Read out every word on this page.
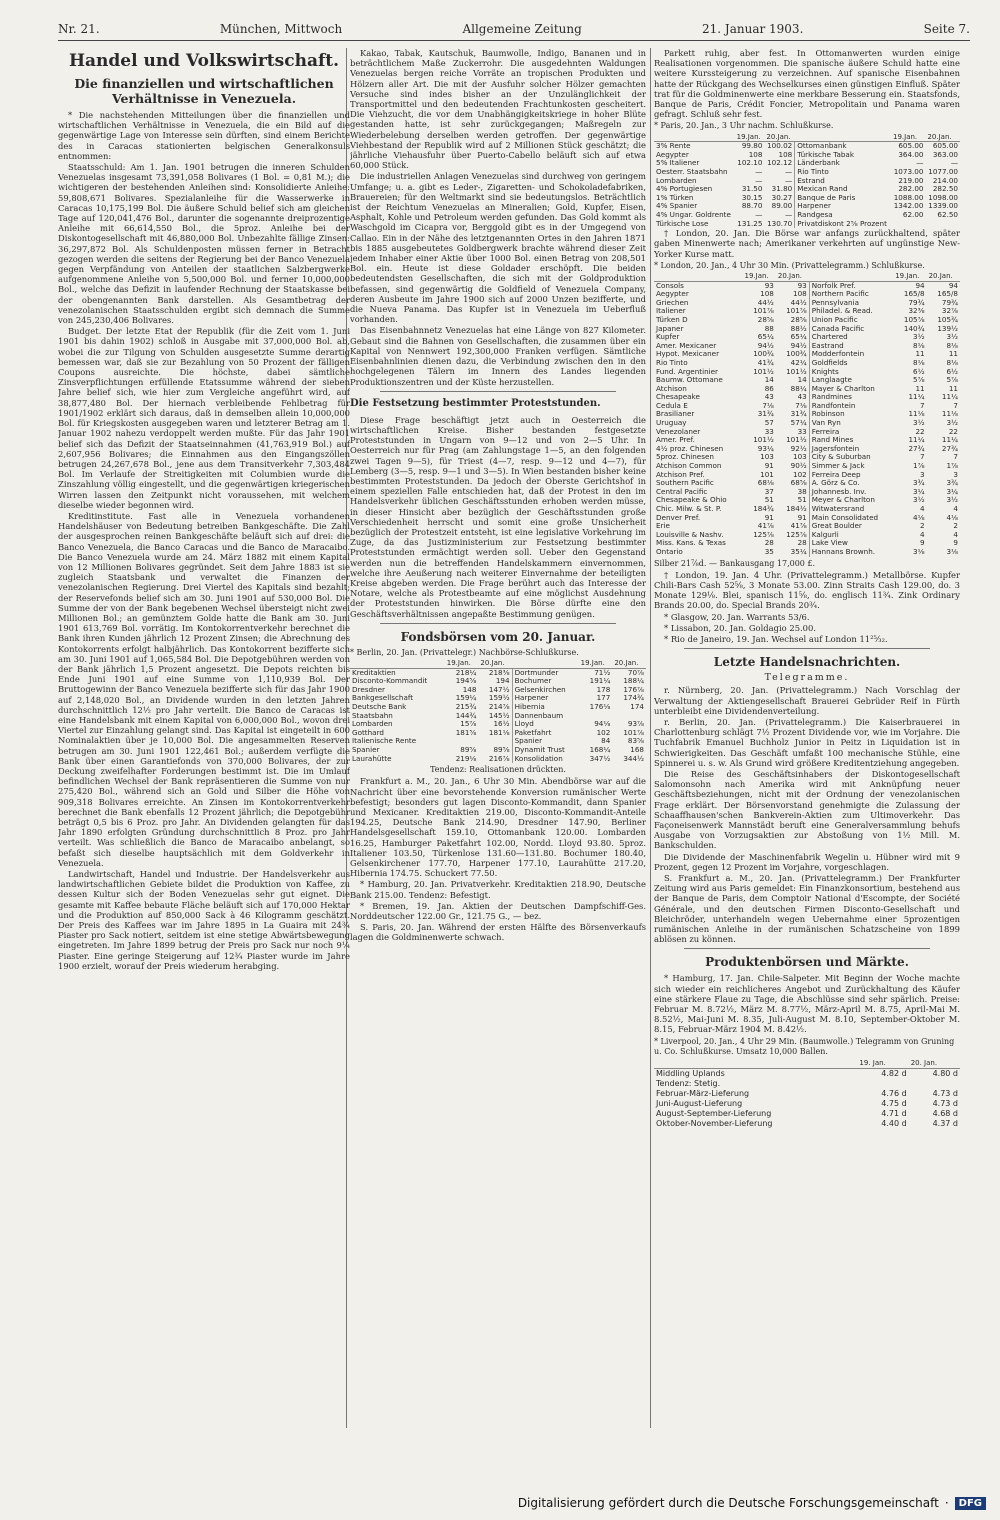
Nr. 21.	München, Mittwoch	Allgemeine Zeitung	21. Januar 1903.	Seite 7.
Handel und Volkswirtschaft.
Die finanziellen und wirtschaftlichen Verhältnisse in Venezuela.

* Die nachstehenden Mitteilungen über die finanziellen und wirtschaftlichen Verhältnisse in Venezuela, die ein Bild auf die gegenwärtige Lage von Interesse sein dürften, sind einem Berichte des in Caracas stationierten belgischen Generalkonsuls entnommen:

Staatsschuld: Am 1. Jan. 1901 betrugen die inneren Schulden Venezuelas insgesamt 73,391,058 Bolivares (1 Bol. = 0,81 M.); die wichtigeren der bestehenden Anleihen sind: Konsolidierte Anleihe: 59,808,671 Bolivares. Spezialanleihe für die Wasserwerke in Caracas 10,175,199 Bol. Die äußere Schuld belief sich am gleichen Tage auf 120,041,476 Bol., darunter die sogenannte dreiprozentige Anleihe mit 66,614,550 Bol., die 5proz. Anleihe bei der Diskontogesellschaft mit 46,880,000 Bol. Unbezahlte fällige Zinsen: 36,297,872 Bol. Als Schuldenposten müssen ferner in Betracht gezogen werden die seitens der Regierung bei der Banco Venezuela gegen Verpfändung von Anteilen der staatlichen Salzbergwerke aufgenommene Anleihe von 5,500,000 Bol. und ferner 10,000,000 Bol., welche das Defizit in laufender Rechnung der Staatskasse bei der obengenannten Bank darstellen. Als Gesamtbetrag der venezolanischen Staatsschulden ergibt sich demnach die Summe von 245,230,406 Bolivares.

Budget. Der letzte Etat der Republik (für die Zeit vom 1. Juni 1901 bis dahin 1902) schloß in Ausgabe mit 37,000,000 Bol. ab, wobei die zur Tilgung von Schulden ausgesetzte Summe derartig bemessen war, daß sie zur Bezahlung von 50 Prozent der fälligen Coupons ausreichte. Die höchste, dabei sämtliche Zinsverpflichtungen erfüllende Etatssumme während der sieben Jahre belief sich, wie hier zum Vergleiche angeführt wird, auf 38,877,480 Bol. Der hiernach verbleibende Fehlbetrag für 1901/1902 erklärt sich daraus, daß in demselben allein 10,000,000 Bol. für Kriegskosten ausgegeben waren und letzterer Betrag am 1. Januar 1902 nahezu verdoppelt werden mußte. Für das Jahr 1901 belief sich das Defizit der Staatseinnahmen (41,763,919 Bol.) auf 2,607,956 Bolivares; die Einnahmen aus den Eingangszöllen betrugen 24,267,678 Bol., jene aus dem Transitverkehr 7,303,484 Bol. Im Verlaufe der Streitigkeiten mit Columbien wurde die Zinszahlung völlig eingestellt, und die gegenwärtigen kriegerischen Wirren lassen den Zeitpunkt nicht voraussehen, mit welchem dieselbe wieder begonnen wird.

Kreditinstitute. Fast alle in Venezuela vorhandenen Handelshäuser von Bedeutung betreiben Bankgeschäfte. Die Zahl der ausgesprochen reinen Bankgeschäfte beläuft sich auf drei: die Banco Venezuela, die Banco Caracas und die Banco de Maracaibo. Die Banco Venezuela wurde am 24. März 1882 mit einem Kapital von 12 Millionen Bolivares gegründet. Seit dem Jahre 1883 ist sie zugleich Staatsbank und verwaltet die Finanzen der venezolanischen Regierung. Drei Viertel des Kapitals sind bezahlt; der Reservefonds belief sich am 30. Juni 1901 auf 530,000 Bol. Die Summe der von der Bank begebenen Wechsel übersteigt nicht zwei Millionen Bol.; an gemünztem Golde hatte die Bank am 30. Juni 1901 613,769 Bol. vorrätig. Im Kontokorrentverkehr berechnet die Bank ihren Kunden jährlich 12 Prozent Zinsen; die Abrechnung des Kontokorrents erfolgt halbjährlich. Das Kontokorrent bezifferte sich am 30. Juni 1901 auf 1,065,584 Bol. Die Depotgebühren werden von der Bank jährlich 1,5 Prozent angesetzt. Die Depots reichten bis Ende Juni 1901 auf eine Summe von 1,110,939 Bol. Der Bruttogewinn der Banco Venezuela bezifferte sich für das Jahr 1900 auf 2,148,020 Bol., an Dividende wurden in den letzten Jahren durchschnittlich 12½ pro Jahr verteilt. Die Banco de Caracas ist eine Handelsbank mit einem Kapital von 6,000,000 Bol., wovon drei Viertel zur Einzahlung gelangt sind. Das Kapital ist eingeteilt in 600 Nominalaktien über je 10,000 Bol. Die angesammelten Reserven betrugen am 30. Juni 1901 122,461 Bol.; außerdem verfügte die Bank über einen Garantiefonds von 370,000 Bolivares, der zur Deckung zweifelhafter Forderungen bestimmt ist. Die im Umlauf befindlichen Wechsel der Bank repräsentieren die Summe von nur 275,420 Bol., während sich an Gold und Silber die Höhe von 909,318 Bolivares erreichte. An Zinsen im Kontokorrentverkehr berechnet die Bank ebenfalls 12 Prozent jährlich; die Depotgebühr beträgt 0,5 bis 6 Proz. pro Jahr. An Dividenden gelangten für das Jahr 1890 erfolgten Gründung durchschnittlich 8 Proz. pro Jahr verteilt. Was schließlich die Banco de Maracaibo anbelangt, so befaßt sich dieselbe hauptsächlich mit dem Goldverkehr in Venezuela.

Landwirtschaft, Handel und Industrie. Der Handelsverkehr aus landwirtschaftlichen Gebiete bildet die Produktion von Kaffee, zu dessen Kultur sich der Boden Venezuelas sehr gut eignet. Die gesamte mit Kaffee bebaute Fläche beläuft sich auf 170,000 Hektar und die Produktion auf 850,000 Sack à 46 Kilogramm geschätzt. Der Preis des Kaffees war im Jahre 1895 in La Guaira mit 24¾ Piaster pro Sack notiert, seitdem ist eine stetige Abwärtsbewegung eingetreten. Im Jahre 1899 betrug der Preis pro Sack nur noch 9¼ Piaster. Eine geringe Steigerung auf 12¾ Piaster wurde im Jahre 1900 erzielt, worauf der Preis wiederum herabging.

Kakao, Tabak, Kautschuk, Baumwolle, Indigo, Bananen und in beträchtlichem Maße Zuckerrohr. Die ausgedehnten Waldungen Venezuelas bergen reiche Vorräte an tropischen Produkten und Hölzern aller Art. Die mit der Ausfuhr solcher Hölzer gemachten Versuche sind indes bisher an der Unzulänglichkeit der Transportmittel und den bedeutenden Frachtunkosten gescheitert. Die Viehzucht, die vor dem Unabhängigkeitskriege in hoher Blüte gestanden hatte, ist sehr zurückgegangen; Maßregeln zur Wiederbelebung derselben werden getroffen. Der gegenwärtige Viehbestand der Republik wird auf 2 Millionen Stück geschätzt; die jährliche Viehausfuhr über Puerto-Cabello beläuft sich auf etwa 60,000 Stück.

Die industriellen Anlagen Venezuelas sind durchweg von geringem Umfange; u. a. gibt es Leder-, Zigaretten- und Schokoladefabriken, Brauereien; für den Weltmarkt sind sie bedeutungslos. Beträchtlich ist der Reichtum Venezuelas an Mineralien; Gold, Kupfer, Eisen, Asphalt, Kohle und Petroleum werden gefunden. Das Gold kommt als Waschgold im Cicapra vor, Berggold gibt es in der Umgegend von Callao. Ein in der Nähe des letztgenannten Ortes in den Jahren 1871 bis 1885 ausgebeutetes Goldbergwerk brachte während dieser Zeit jedem Inhaber einer Aktie über 1000 Bol. einen Betrag von 208,501 Bol. ein. Heute ist diese Goldader erschöpft. Die beiden bedeutendsten Gesellschaften, die sich mit der Goldproduktion befassen, sind gegenwärtig die Goldfield of Venezuela Company, deren Ausbeute im Jahre 1900 sich auf 2000 Unzen bezifferte, und die Nueva Panama. Das Kupfer ist in Venezuela im Ueberfluß vorhanden.

Das Eisenbahnnetz Venezuelas hat eine Länge von 827 Kilometer. Gebaut sind die Bahnen von Gesellschaften, die zusammen über ein Kapital von Nennwert 192,300,000 Franken verfügen. Sämtliche Eisenbahnlinien dienen dazu, die Verbindung zwischen den in den hochgelegenen Tälern im Innern des Landes liegenden Produktionszentren und der Küste herzustellen.

Die Festsetzung bestimmter Proteststunden.

Diese Frage beschäftigt jetzt auch in Oesterreich die wirtschaftlichen Kreise. Bisher bestanden festgesetzte Proteststunden in Ungarn von 9—12 und von 2—5 Uhr. In Oesterreich nur für Prag (am Zahlungstage 1—5, an den folgenden zwei Tagen 9—5), für Triest (4—7, resp. 9—12 und 4—7), für Lemberg (3—5, resp. 9—1 und 3—5). In Wien bestanden bisher keine bestimmten Proteststunden. Da jedoch der Oberste Gerichtshof in einem speziellen Falle entschieden hat, daß der Protest in den im Handelsverkehr üblichen Geschäftsstunden erhoben werden müsse, in dieser Hinsicht aber bezüglich der Geschäftsstunden große Verschiedenheit herrscht und somit eine große Unsicherheit bezüglich der Protestzeit entsteht, ist eine legislative Vorkehrung im Zuge, da das Justizministerium zur Festsetzung bestimmter Proteststunden ermächtigt werden soll. Ueber den Gegenstand werden nun die betreffenden Handelskammern einvernommen, welche ihre Aeußerung nach weiterer Einvernahme der beteiligten Kreise abgeben werden. Die Frage berührt auch das Interesse der Notare, welche als Protestbeamte auf eine möglichst Ausdehnung der Proteststunden hinwirken. Die Börse dürfte eine den Geschäftsverhältnissen angepaßte Bestimmung genügen.

Fondsbörsen vom 20. Januar.
* Berlin, 20. Jan. (Privattelegr.) Nachbörse-Schlußkurse.
	19.Jan.	20.Jan.		19.Jan.	20.Jan.
Kreditaktien	218¼	218⅜	Dortmunder	71½	70⅞
Disconto-Kommandit	194⅝	194	Bochumer	191¼	188¼
Dresdner	148	147½	Gelsenkirchen	178	176⅞
Bankgesellschaft	159¼	159½	Harpener	177	174¾
Deutsche Bank	215¾	214⅞	Hibernia	176⅛	174
Staatsbahn	144¾	145½	Dannenbaum		
Lombarden	15⅞	16½	Lloyd	94⅛	93⅞
Gotthard	181⅝	181⅛	Paketfahrt	102	101⅞
Italienische Rente			Spanier	84	83⅝
Spanier	89⅝	89⅝	Dynamit Trust	168¼	168
Laurahütte	219⅛	216⅞	Konsolidation	347½	344½
Tendenz: Realisationen drückten.

Frankfurt a. M., 20. Jan., 6 Uhr 30 Min. Abendbörse war auf die Nachricht über eine bevorstehende Konversion rumänischer Werte befestigt; besonders gut lagen Disconto-Kommandit, dann Spanier und Mexicaner. Kreditaktien 219.00, Disconto-Kommandit-Anteile 194.25, Deutsche Bank 214.90, Dresdner 147.90, Berliner Handelsgesellschaft 159.10, Ottomanbank 120.00. Lombarden 16.25, Hamburger Paketfahrt 102.00, Nordd. Lloyd 93.80. 5proz. Italiener 103.50, Türkenlose 131.60—131.80. Bochumer 180.40, Gelsenkirchener 177.70, Harpener 177.10, Laurahütte 217.20, Hibernia 174.75. Schuckert 77.50.

* Hamburg, 20. Jan. Privatverkehr. Kreditaktien 218.90, Deutsche Bank 215.00. Tendenz: Befestigt.

* Bremen, 19. Jan. Aktien der Deutschen Dampfschiff-Ges. Norddeutscher 122.00 Gr., 121.75 G., — bez.

S. Paris, 20. Jan. Während der ersten Hälfte des Börsenverkaufs lagen die Goldminenwerte schwach.

Parkett ruhig, aber fest. In Ottomanwerten wurden einige Realisationen vorgenommen. Die spanische äußere Schuld hatte eine weitere Kurssteigerung zu verzeichnen. Auf spanische Eisenbahnen hatte der Rückgang des Wechselkurses einen günstigen Einfluß. Später trat für die Goldminenwerte eine merkbare Besserung ein. Staatsfonds, Banque de Paris, Crédit Foncier, Metropolitain und Panama waren gefragt. Schluß sehr fest.

* Paris, 20. Jan., 3 Uhr nachm. Schlußkurse.
	19.Jan.	20.Jan.		19.Jan.	20.Jan.
3% Rente	99.80	100.02	Ottomanbank	605.00	605.00
Aegypter	108	108	Türkische Tabak	364.00	363.00
5% Italiener	102.10	102.12	Länderbank	—	—
Oesterr. Staatsbahn	—	—	Rio Tinto	1073.00	1077.00
Lombarden	—	—	Estrand	219.00	214.00
4% Portugiesen	31.50	31.80	Mexican Rand	282.00	282.50
1% Türken	30.15	30.27	Banque de Paris	1088.00	1098.00
4% Spanier	88.70	89.00	Harpener	1342.00	1339.00
4% Ungar. Goldrente	—	—	Randgesa	62.00	62.50
Türkische Lose	131.25	130.70	Privatdiskont 2⅝ Prozent		

† London, 20. Jan. Die Börse war anfangs zurückhaltend, später gaben Minenwerte nach; Amerikaner verkehrten auf ungünstige New-Yorker Kurse matt.

* London, 20. Jan., 4 Uhr 30 Min. (Privattelegramm.) Schlußkurse.
	19.Jan.	20.Jan.		19.Jan.	20.Jan.
Consols	93	93	Norfolk Pref.	94	94
Aegypter	108	108	Northern Pacific	165/8	165/8
Griechen	44½	44½	Pennsylvania	79¾	79¾
Italiener	101⅞	101⅞	Philadel. & Read.	32⅜	32⅞
Türken D	28⅝	28⅝	Union Pacific	105⅞	105¾
Japaner	88	88½	Canada Pacific	140¾	139½
Kupfer	65¼	65¼	Chartered	3½	3½
Amer. Mexicaner	94½	94½	Eastrand	8⅛	8⅛
Hypot. Mexicaner	100¾	100¾	Modderfontein	11	11
Rio Tinto	41¾	42¼	Goldfields	8⅛	8⅛
Fund. Argentinier	101½	101½	Knights	6½	6½
Baumw. Ottomane	14	14	Langlaagte	5⅞	5⅞
Atchison	86	88¼	Mayer & Charlton	11	11
Chesapeake	43	43	Randmines	11¼	11¼
Cedula E	7⅛	7⅛	Randfontein	7	7
Brasilianer	31¾	31¾	Robinson	11⅛	11⅛
Uruguay	57	57¼	Van Ryn	3½	3½
Venezolaner	33	33	Ferreira	22	22
Amer. Pref.	101½	101½	Rand Mines	11¼	11¼
4½ proz. Chinesen	93¼	92½	Jagersfontein	27¾	27¾
5proz. Chinesen	103	103	City & Suburban	7	7
Atchison Common	91	90½	Simmer & Jack	1⅞	1⅞
Atchison Pref.	101	102	Ferreira Deep	3	3
Southern Pacific	68⅛	68⅝	A. Görz & Co.	3¾	3¾
Central Pacific	37	38	Johannesb. Inv.	3¼	3¼
Chesapeake & Ohio	51	51	Meyer & Charlton	3½	3½
Chic. Milw. & St. P.	184¾	184½	Witwatersrand	4	4
Denver Pref.	91	91	Main Consolidated	4⅛	4⅛
Erie	41⅞	41⅞	Great Boulder	2	2
Louisville & Nashv.	125⅞	125⅞	Kalgurli	4	4
Miss. Kans. & Texas	28	28	Lake View	9	9
Ontario	35	35¼	Hannans Brownh.	3⅛	3⅛
Silber 21⅞d. — Bankausgang 17,000 £.

† London, 19. Jan. 4 Uhr. (Privattelegramm.) Metallbörse. Kupfer Chili-Bars Cash 52⅝, 3 Monate 53.00. Zinn Straits Cash 129.00, do. 3 Monate 129⅛. Blei, spanisch 11⅝, do. englisch 11¾. Zink Ordinary Brands 20.00, do. Special Brands 20¾.

* Glasgow, 20. Jan. Warrants 53/6.

* Lissabon, 20. Jan. Goldagio 25.00.

* Rio de Janeiro, 19. Jan. Wechsel auf London 11²⁵⁄₃₂.

Letzte Handelsnachrichten.
Telegramme.

r. Nürnberg, 20. Jan. (Privattelegramm.) Nach Vorschlag der Verwaltung der Aktiengesellschaft Brauerei Gebrüder Reif in Fürth unterbleibt eine Dividendenverteilung.

r. Berlin, 20. Jan. (Privattelegramm.) Die Kaiserbrauerei in Charlottenburg schlägt 7½ Prozent Dividende vor, wie im Vorjahre. Die Tuchfabrik Emanuel Buchholz Junior in Peitz in Liquidation ist in Schwierigkeiten. Das Geschäft umfaßt 100 mechanische Stühle, eine Spinnerei u. s. w. Als Grund wird größere Kreditentziehung angegeben.

Die Reise des Geschäftsinhabers der Diskontogesellschaft Salomonsohn nach Amerika wird mit Anknüpfung neuer Geschäftsbeziehungen, nicht mit der Ordnung der venezolanischen Frage erklärt. Der Börsenvorstand genehmigte die Zulassung der Schaaffhausen'schen Bankverein-Aktien zum Ultimoverkehr. Das Façoneisenwerk Mannstädt beruft eine Generalversammlung behufs Ausgabe von Vorzugsaktien zur Abstoßung von 1½ Mill. M. Bankschulden.

Die Dividende der Maschinenfabrik Wegelin u. Hübner wird mit 9 Prozent, gegen 12 Prozent im Vorjahre, vorgeschlagen.

S. Frankfurt a. M., 20. Jan. (Privattelegramm.) Der Frankfurter Zeitung wird aus Paris gemeldet: Ein Finanzkonsortium, bestehend aus der Banque de Paris, dem Comptoir National d'Escompte, der Société Générale, und den deutschen Firmen Disconto-Gesellschaft und Bleichröder, unterhandeln wegen Uebernahme einer 5prozentigen rumänischen Anleihe in der rumänischen Schatzscheine von 1899 ablösen zu können.

Produktenbörsen und Märkte.

* Hamburg, 17. Jan. Chile-Salpeter. Mit Beginn der Woche machte sich wieder ein reichlicheres Angebot und Zurückhaltung des Käufer eine stärkere Flaue zu Tage, die Abschlüsse sind sehr spärlich. Preise: Februar M. 8.72½, März M. 8.77½, März-April M. 8.75, April-Mai M. 8.52½, Mai-Juni M. 8.35, Juli-August M. 8.10, September-Oktober M. 8.15, Februar-März 1904 M. 8.42½.

* Liverpool, 20. Jan., 4 Uhr 29 Min. (Baumwolle.) Telegramm von Gruning u. Co. Schlußkurse. Umsatz 10,000 Ballen.
	19. Jan.	20. Jan.
Middling Uplands	4.82 d	4.80 d
Tendenz: Stetig.		
Februar-März-Lieferung	4.76 d	4.73 d
Juni-August-Lieferung	4.75 d	4.73 d
August-September-Lieferung	4.71 d	4.68 d
Oktober-November-Lieferung	4.40 d	4.37 d
Digitalisierung gefördert durch die Deutsche Forschungsgemeinschaft ·	DFG
